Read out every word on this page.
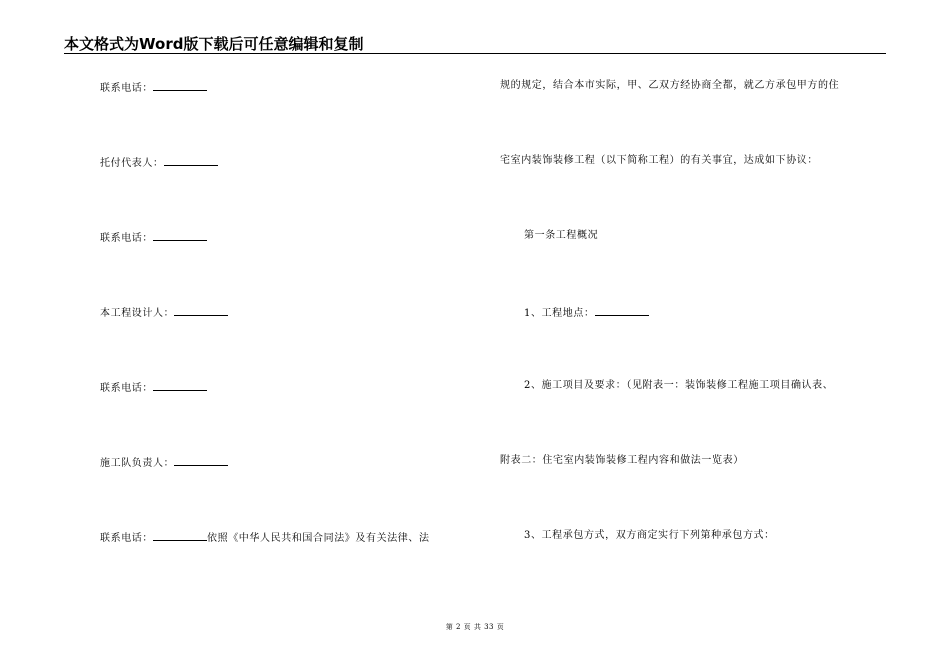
本文格式为Word版下载后可任意编辑和复制
联系电话：
托付代表人：
联系电话：
本工程设计人：
联系电话：
施工队负责人：
联系电话：	依照《中华人民共和国合同法》及有关法律、法
规的规定，结合本市实际，甲、乙双方经协商全都，就乙方承包甲方的住
宅室内装饰装修工程（以下简称工程）的有关事宜，达成如下协议：
第一条工程概况
1、工程地点：
2、施工项目及要求：（见附表一：装饰装修工程施工项目确认表、
附表二：住宅室内装饰装修工程内容和做法一览表）
3、工程承包方式，双方商定实行下列第种承包方式：
第 2 页 共 33 页
